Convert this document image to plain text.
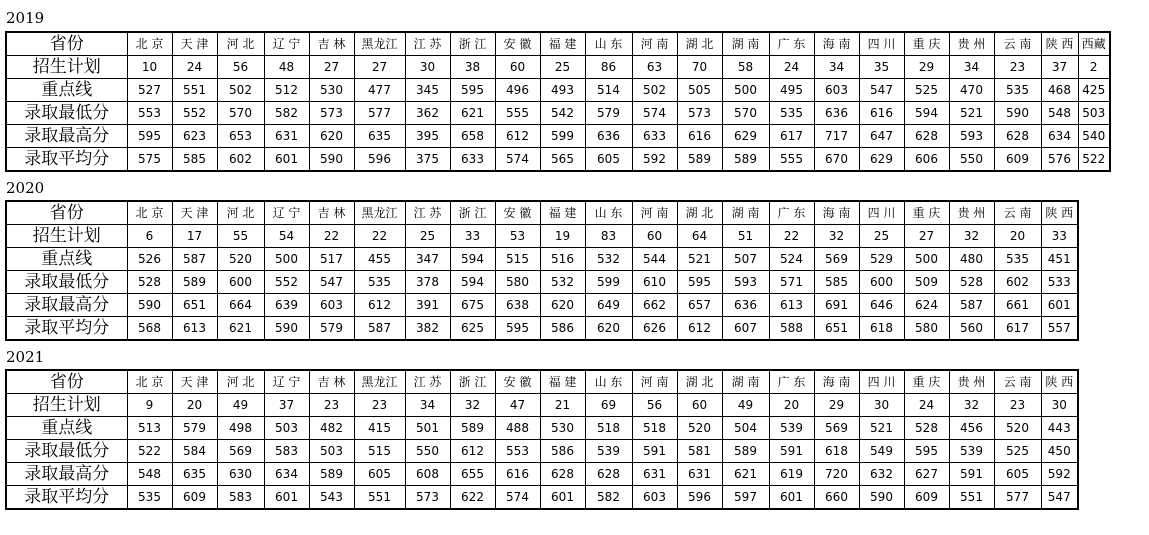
2019
省份	北 京	天 津	河 北	辽 宁	吉 林	黑龙江	江 苏	浙 江	安 徽	福 建	山 东	河 南	湖 北	湖 南	广 东	海 南	四 川	重 庆	贵 州	云 南	陕 西	西藏
招生计划	10	24	56	48	27	27	30	38	60	25	86	63	70	58	24	34	35	29	34	23	37	2
重点线	527	551	502	512	530	477	345	595	496	493	514	502	505	500	495	603	547	525	470	535	468	425
录取最低分	553	552	570	582	573	577	362	621	555	542	579	574	573	570	535	636	616	594	521	590	548	503
录取最高分	595	623	653	631	620	635	395	658	612	599	636	633	616	629	617	717	647	628	593	628	634	540
录取平均分	575	585	602	601	590	596	375	633	574	565	605	592	589	589	555	670	629	606	550	609	576	522
2020
省份	北 京	天 津	河 北	辽 宁	吉 林	黑龙江	江 苏	浙 江	安 徽	福 建	山 东	河 南	湖 北	湖 南	广 东	海 南	四 川	重 庆	贵 州	云 南	陕 西
招生计划	6	17	55	54	22	22	25	33	53	19	83	60	64	51	22	32	25	27	32	20	33
重点线	526	587	520	500	517	455	347	594	515	516	532	544	521	507	524	569	529	500	480	535	451
录取最低分	528	589	600	552	547	535	378	594	580	532	599	610	595	593	571	585	600	509	528	602	533
录取最高分	590	651	664	639	603	612	391	675	638	620	649	662	657	636	613	691	646	624	587	661	601
录取平均分	568	613	621	590	579	587	382	625	595	586	620	626	612	607	588	651	618	580	560	617	557
2021
省份	北 京	天 津	河 北	辽 宁	吉 林	黑龙江	江 苏	浙 江	安 徽	福 建	山 东	河 南	湖 北	湖 南	广 东	海 南	四 川	重 庆	贵 州	云 南	陕 西
招生计划	9	20	49	37	23	23	34	32	47	21	69	56	60	49	20	29	30	24	32	23	30
重点线	513	579	498	503	482	415	501	589	488	530	518	518	520	504	539	569	521	528	456	520	443
录取最低分	522	584	569	583	503	515	550	612	553	586	539	591	581	589	591	618	549	595	539	525	450
录取最高分	548	635	630	634	589	605	608	655	616	628	628	631	631	621	619	720	632	627	591	605	592
录取平均分	535	609	583	601	543	551	573	622	574	601	582	603	596	597	601	660	590	609	551	577	547
